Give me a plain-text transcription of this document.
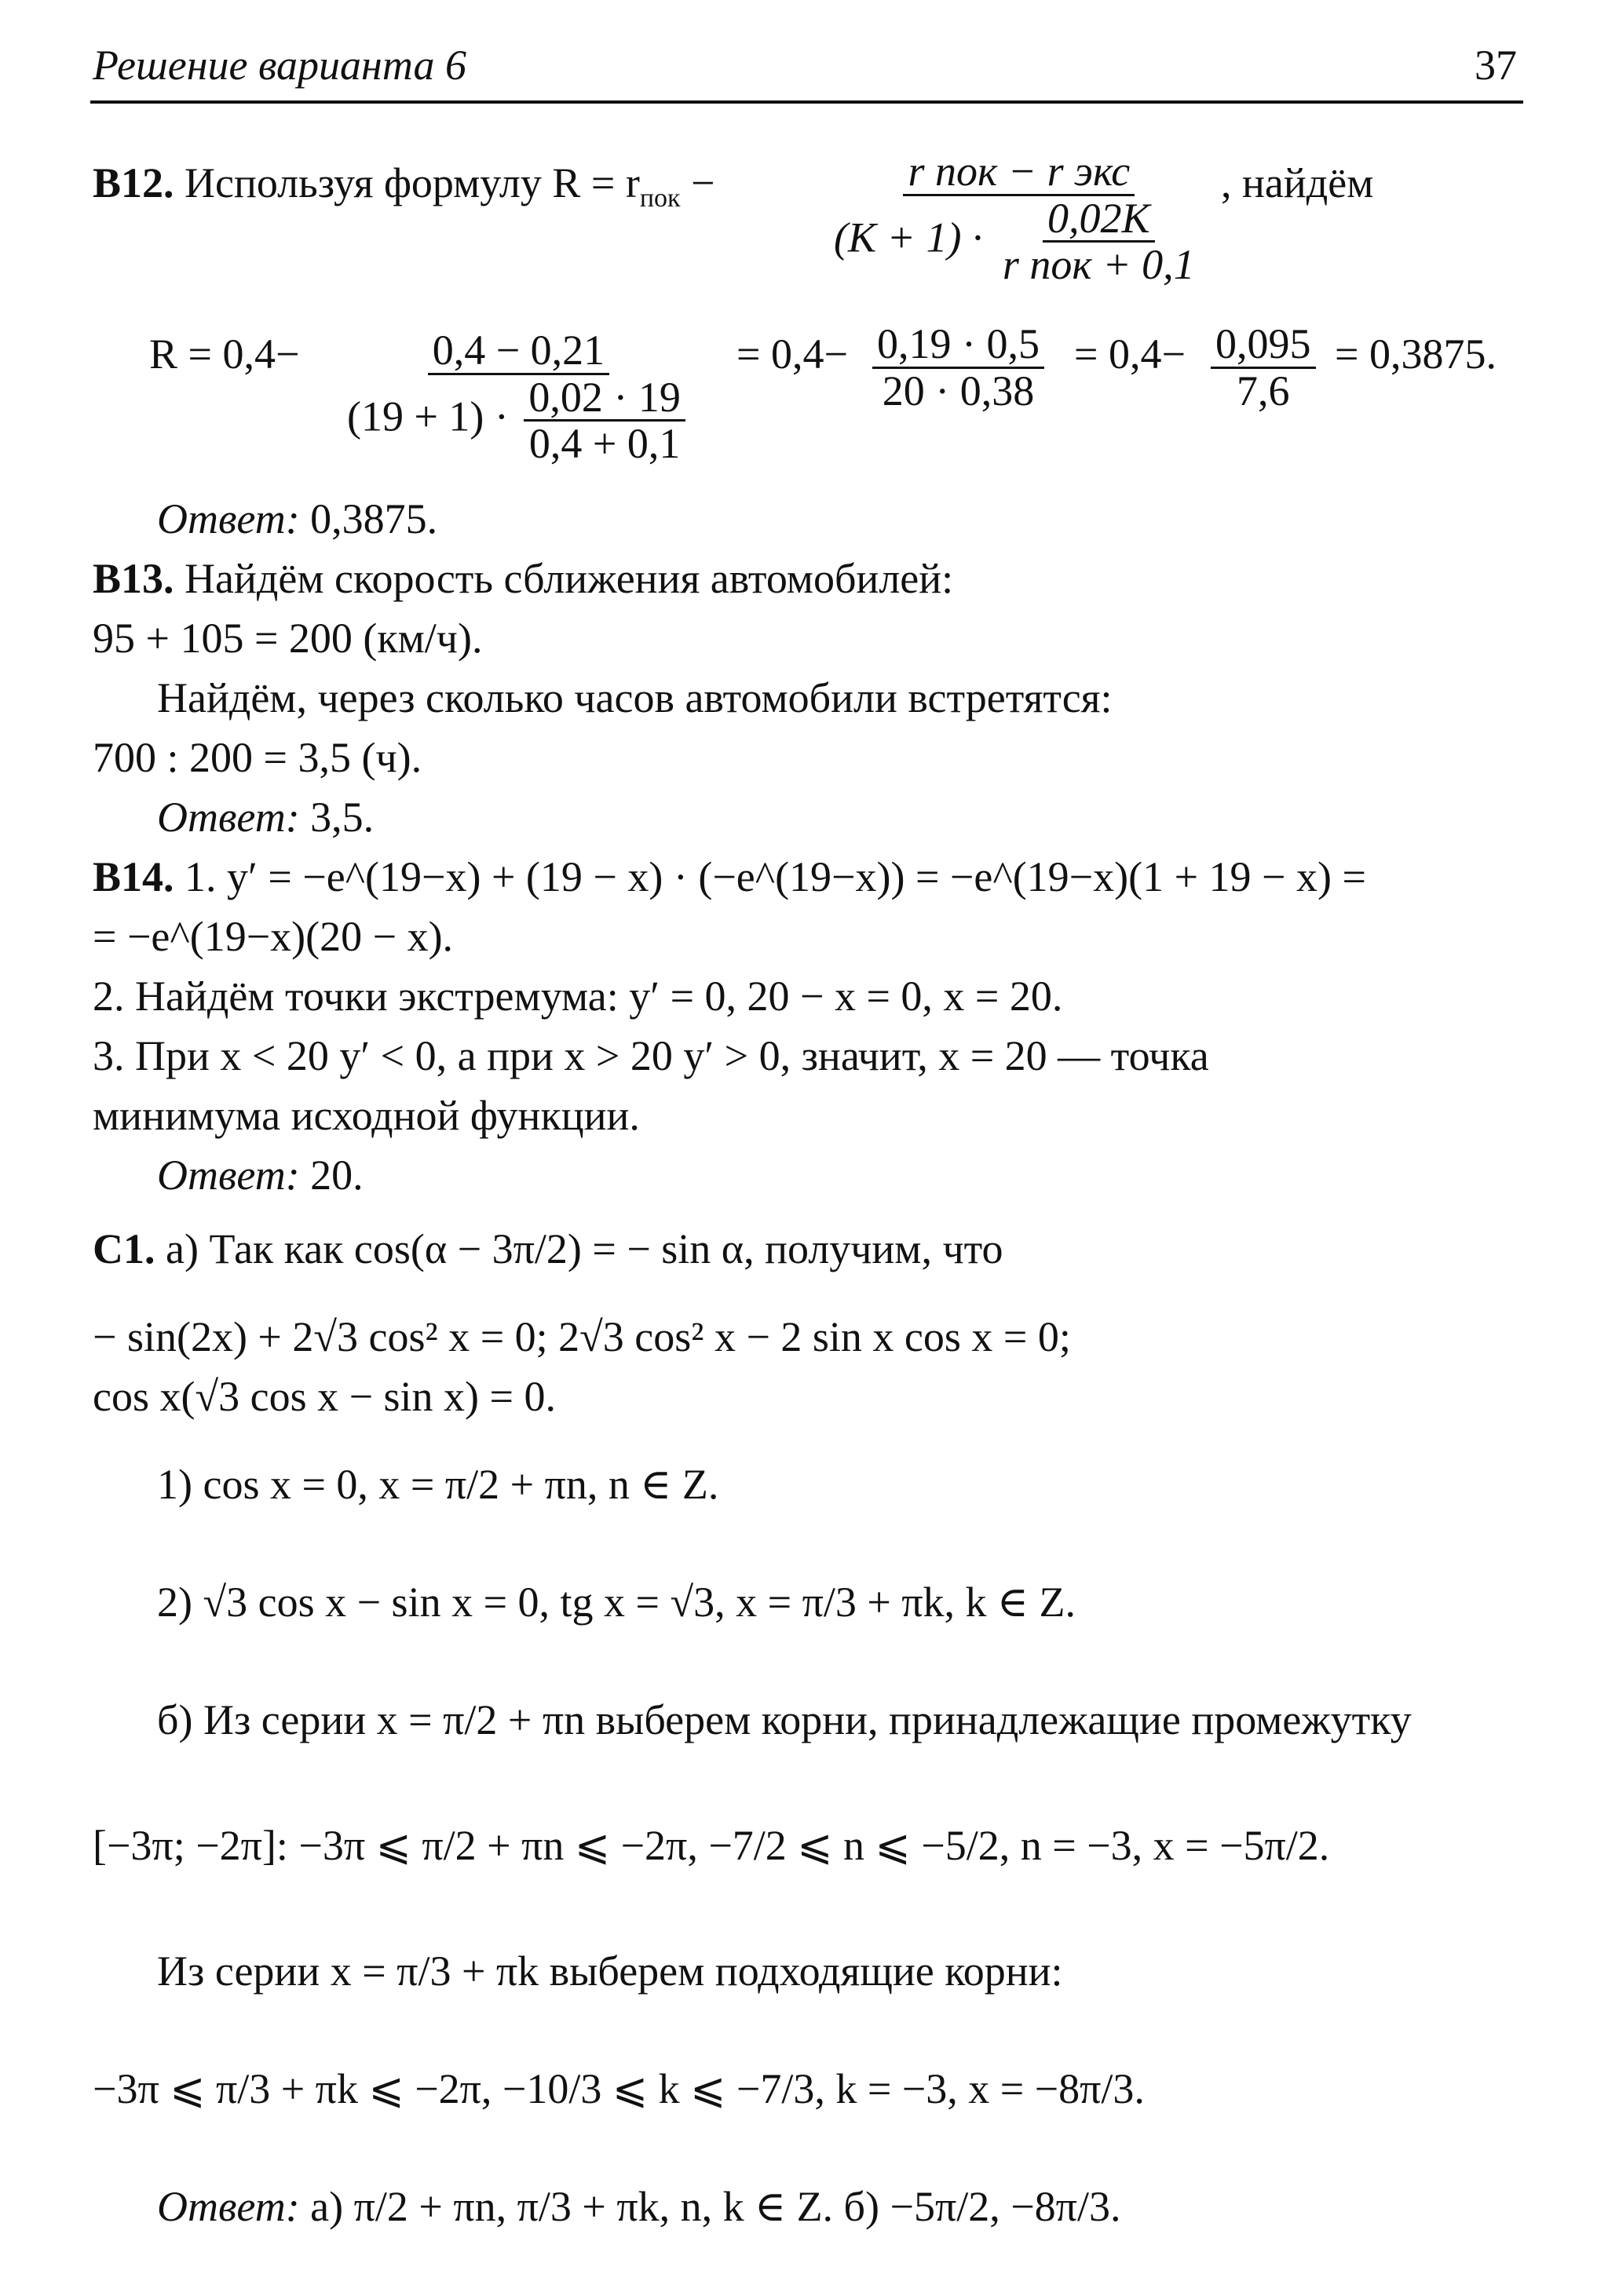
Решение варианта 6	37
B12. Используя формулу $R = r_{пок}$ −	$\frac{\text{r пок − r экс}}{(K + 1) \cdot \frac{0,02K}{\text{r пок + 0,1}}}$ , найдём
$R = 0,4- \frac{0,4 - 0,21}{(19 + 1) \cdot \frac{0,02 \cdot 19}{0,4 + 0,1}} = 0,4- \frac{0,19 \cdot 0,5}{20 \cdot 0,38} = 0,4- \frac{0,095}{7,6} = 0,3875$.
Ответ: 0,3875.
B13. Найдём скорость сближения автомобилей:
95 + 105 = 200 (км/ч).
Найдём, через сколько часов автомобили встретятся:
700 : 200 = 3,5 (ч).
Ответ: 3,5.
B14. 1. y′ = −e^(19−x) + (19 − x) · (−e^(19−x)) = −e^(19−x)(1 + 19 − x) =
= −e^(19−x)(20 − x).
2. Найдём точки экстремума: y′ = 0, 20 − x = 0, x = 20.
3. При x < 20 y′ < 0, а при x > 20 y′ > 0, значит, x = 20 — точка
минимума исходной функции.
Ответ: 20.
C1. а) Так как cos(α − 3π/2) = − sin α, получим, что
− sin(2x) + 2√3 cos² x = 0; 2√3 cos² x − 2 sin x cos x = 0;
cos x(√3 cos x − sin x) = 0.
1) cos x = 0, x = π/2 + πn, n ∈ Z.
2) √3 cos x − sin x = 0, tg x = √3, x = π/3 + πk, k ∈ Z.
б) Из серии x = π/2 + πn выберем корни, принадлежащие промежутку
[−3π; −2π]: −3π ⩽ π/2 + πn ⩽ −2π, −7/2 ⩽ n ⩽ −5/2, n = −3, x = −5π/2.
Из серии x = π/3 + πk выберем подходящие корни:
−3π ⩽ π/3 + πk ⩽ −2π, −10/3 ⩽ k ⩽ −7/3, k = −3, x = −8π/3.
Ответ: а) π/2 + πn, π/3 + πk, n, k ∈ Z. б) −5π/2, −8π/3.
